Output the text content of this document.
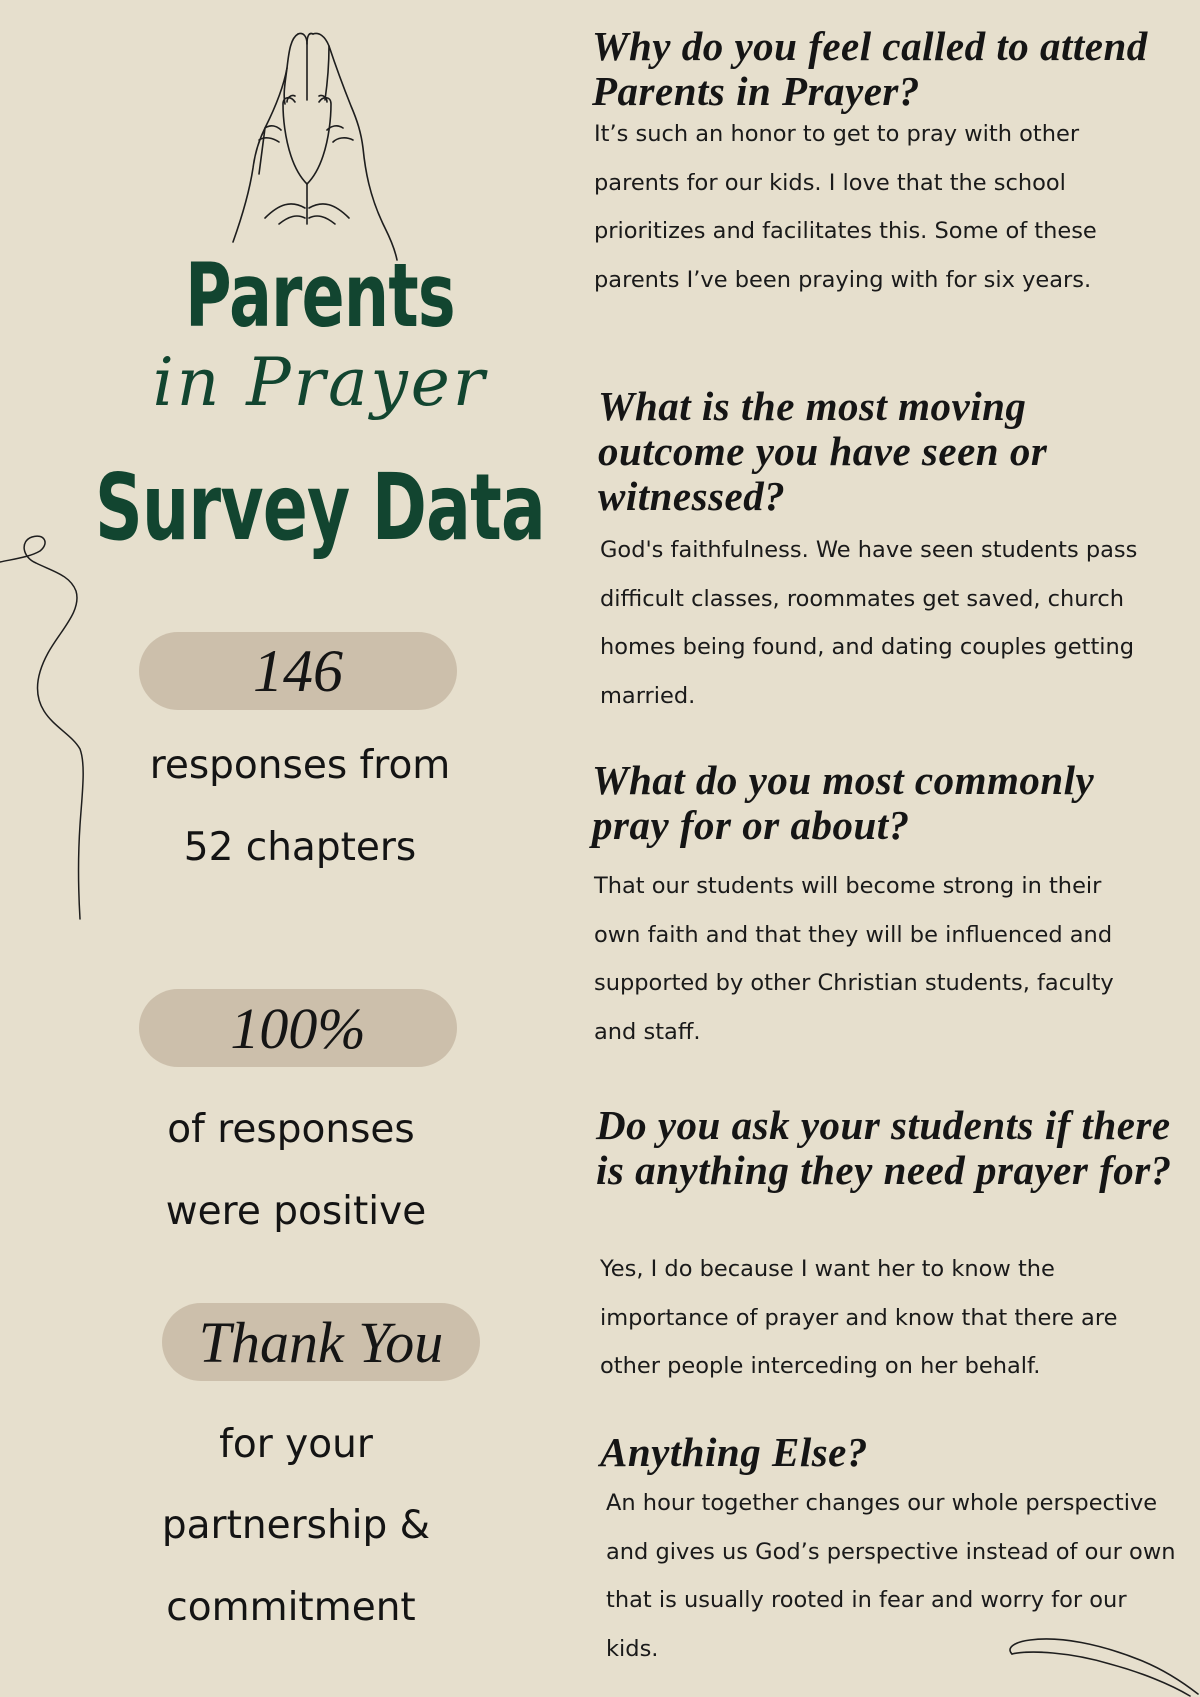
Parents
in Prayer
Survey Data
146

responses from

52 chapters

100%

of responses

were positive

Thank You

for your

partnership &

commitment

Why do you feel called to attend Parents in Prayer?

It’s such an honor to get to pray with other parents for our kids. I love that the school prioritizes and facilitates this. Some of these parents I’ve been praying with for six years.

What is the most moving outcome you have seen or witnessed?

God's faithfulness. We have seen students pass difficult classes, roommates get saved, church homes being found, and dating couples getting married.

What do you most commonly pray for or about?

That our students will become strong in their own faith and that they will be influenced and supported by other Christian students, faculty and staff.

Do you ask your students if there is anything they need prayer for?

Yes, I do because I want her to know the importance of prayer and know that there are other people interceding on her behalf.

Anything Else?

An hour together changes our whole perspective and gives us God’s perspective instead of our own that is usually rooted in fear and worry for our kids.
